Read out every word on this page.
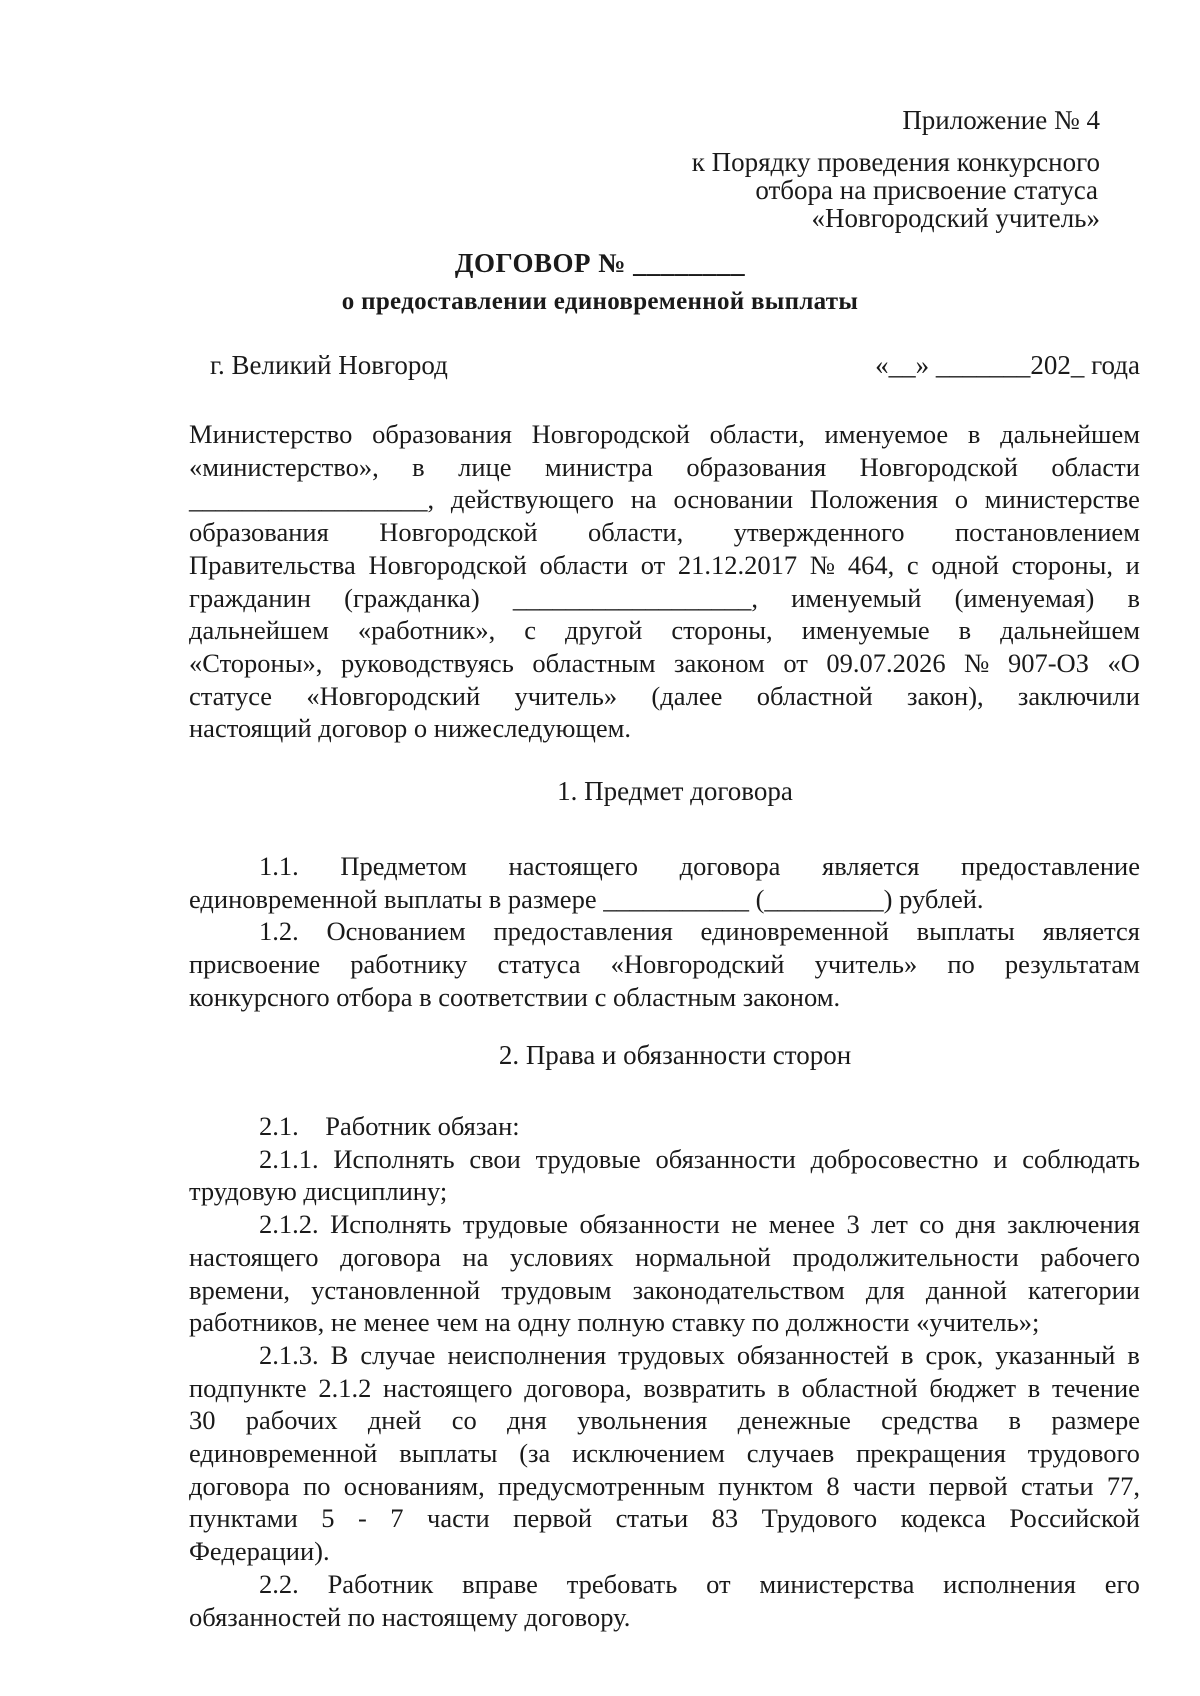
Приложение № 4
к Порядку проведения конкурсного
отбора на присвоение статуса
«Новгородский учитель»
ДОГОВОР № ________
о предоставлении единовременной выплаты
г. Великий Новгород	«__» _______202_ года
Министерство образования Новгородской области, именуемое в дальнейшем
«министерство», в лице министра образования Новгородской области
__________________, действующего на основании Положения о министерстве
образования Новгородской области, утвержденного постановлением
Правительства Новгородской области от 21.12.2017 № 464, с одной стороны, и
гражданин (гражданка) __________________, именуемый (именуемая) в
дальнейшем «работник», с другой стороны, именуемые в дальнейшем
«Стороны», руководствуясь областным законом от 09.07.2026 № 907-ОЗ «О
статусе «Новгородский учитель» (далее областной закон), заключили
настоящий договор о нижеследующем.
1. Предмет договора
1.1. Предметом настоящего договора является предоставление
единовременной выплаты в размере ___________ (_________) рублей.
1.2. Основанием предоставления единовременной выплаты является
присвоение работнику статуса «Новгородский учитель» по результатам
конкурсного отбора в соответствии с областным законом.
2. Права и обязанности сторон
2.1.    Работник обязан:
2.1.1. Исполнять свои трудовые обязанности добросовестно и соблюдать
трудовую дисциплину;
2.1.2. Исполнять трудовые обязанности не менее 3 лет со дня заключения
настоящего договора на условиях нормальной продолжительности рабочего
времени, установленной трудовым законодательством для данной категории
работников, не менее чем на одну полную ставку по должности «учитель»;
2.1.3. В случае неисполнения трудовых обязанностей в срок, указанный в
подпункте 2.1.2 настоящего договора, возвратить в областной бюджет в течение
30 рабочих дней со дня увольнения денежные средства в размере
единовременной выплаты (за исключением случаев прекращения трудового
договора по основаниям, предусмотренным пунктом 8 части первой статьи 77,
пунктами 5 - 7 части первой статьи 83 Трудового кодекса Российской
Федерации).
2.2. Работник вправе требовать от министерства исполнения его
обязанностей по настоящему договору.
